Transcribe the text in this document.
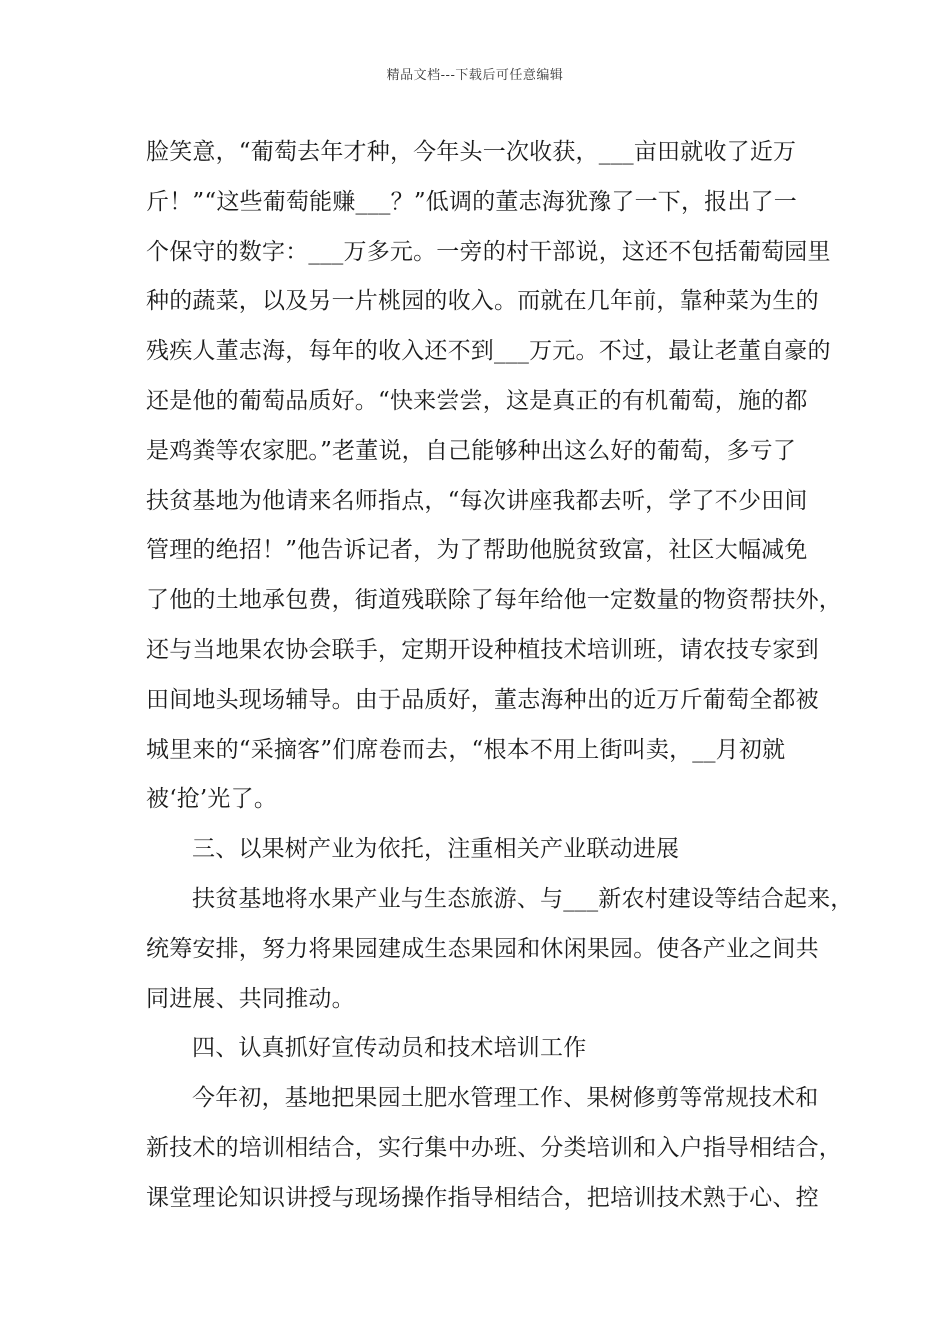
精品文档---下载后可任意编辑
脸笑意，“葡萄去年才种，今年头一次收获，___亩田就收了近万
斤！”“这些葡萄能赚___？”低调的董志海犹豫了一下，报出了一
个保守的数字：___万多元。一旁的村干部说，这还不包括葡萄园里
种的蔬菜，以及另一片桃园的收入。而就在几年前，靠种菜为生的
残疾人董志海，每年的收入还不到___万元。不过，最让老董自豪的
还是他的葡萄品质好。“快来尝尝，这是真正的有机葡萄，施的都
是鸡粪等农家肥。”老董说，自己能够种出这么好的葡萄，多亏了
扶贫基地为他请来名师指点，“每次讲座我都去听，学了不少田间
管理的绝招！”他告诉记者，为了帮助他脱贫致富，社区大幅减免
了他的土地承包费，街道残联除了每年给他一定数量的物资帮扶外，
还与当地果农协会联手，定期开设种植技术培训班，请农技专家到
田间地头现场辅导。由于品质好，董志海种出的近万斤葡萄全都被
城里来的“采摘客”们席卷而去，“根本不用上街叫卖，__月初就
被‘抢’光了。
三、以果树产业为依托，注重相关产业联动进展
扶贫基地将水果产业与生态旅游、与___新农村建设等结合起来，
统筹安排，努力将果园建成生态果园和休闲果园。使各产业之间共
同进展、共同推动。
四、认真抓好宣传动员和技术培训工作
今年初，基地把果园土肥水管理工作、果树修剪等常规技术和
新技术的培训相结合，实行集中办班、分类培训和入户指导相结合，
课堂理论知识讲授与现场操作指导相结合，把培训技术熟于心、控
